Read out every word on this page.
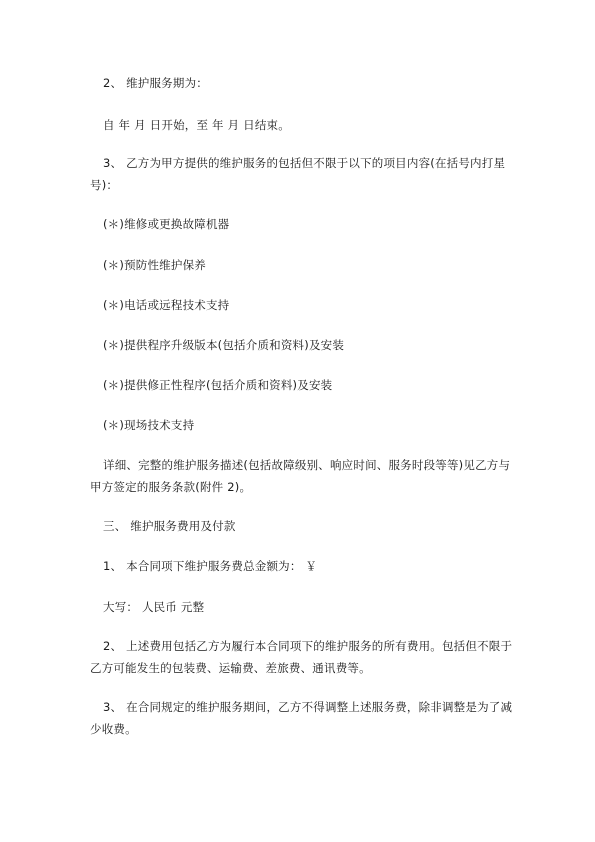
2、 维护服务期为：
自 年 月 日开始，至 年 月 日结束。
3、 乙方为甲方提供的维护服务的包括但不限于以下的项目内容(在括号内打星
号)：
(＊)维修或更换故障机器
(＊)预防性维护保养
(＊)电话或远程技术支持
(＊)提供程序升级版本(包括介质和资料)及安装
(＊)提供修正性程序(包括介质和资料)及安装
(＊)现场技术支持
详细、完整的维护服务描述(包括故障级别、响应时间、服务时段等等)见乙方与
甲方签定的服务条款(附件 2)。
三、 维护服务费用及付款
1、 本合同项下维护服务费总金额为： ￥
大写： 人民币 元整
2、 上述费用包括乙方为履行本合同项下的维护服务的所有费用。包括但不限于
乙方可能发生的包装费、运输费、差旅费、通讯费等。
3、 在合同规定的维护服务期间，乙方不得调整上述服务费，除非调整是为了减
少收费。
